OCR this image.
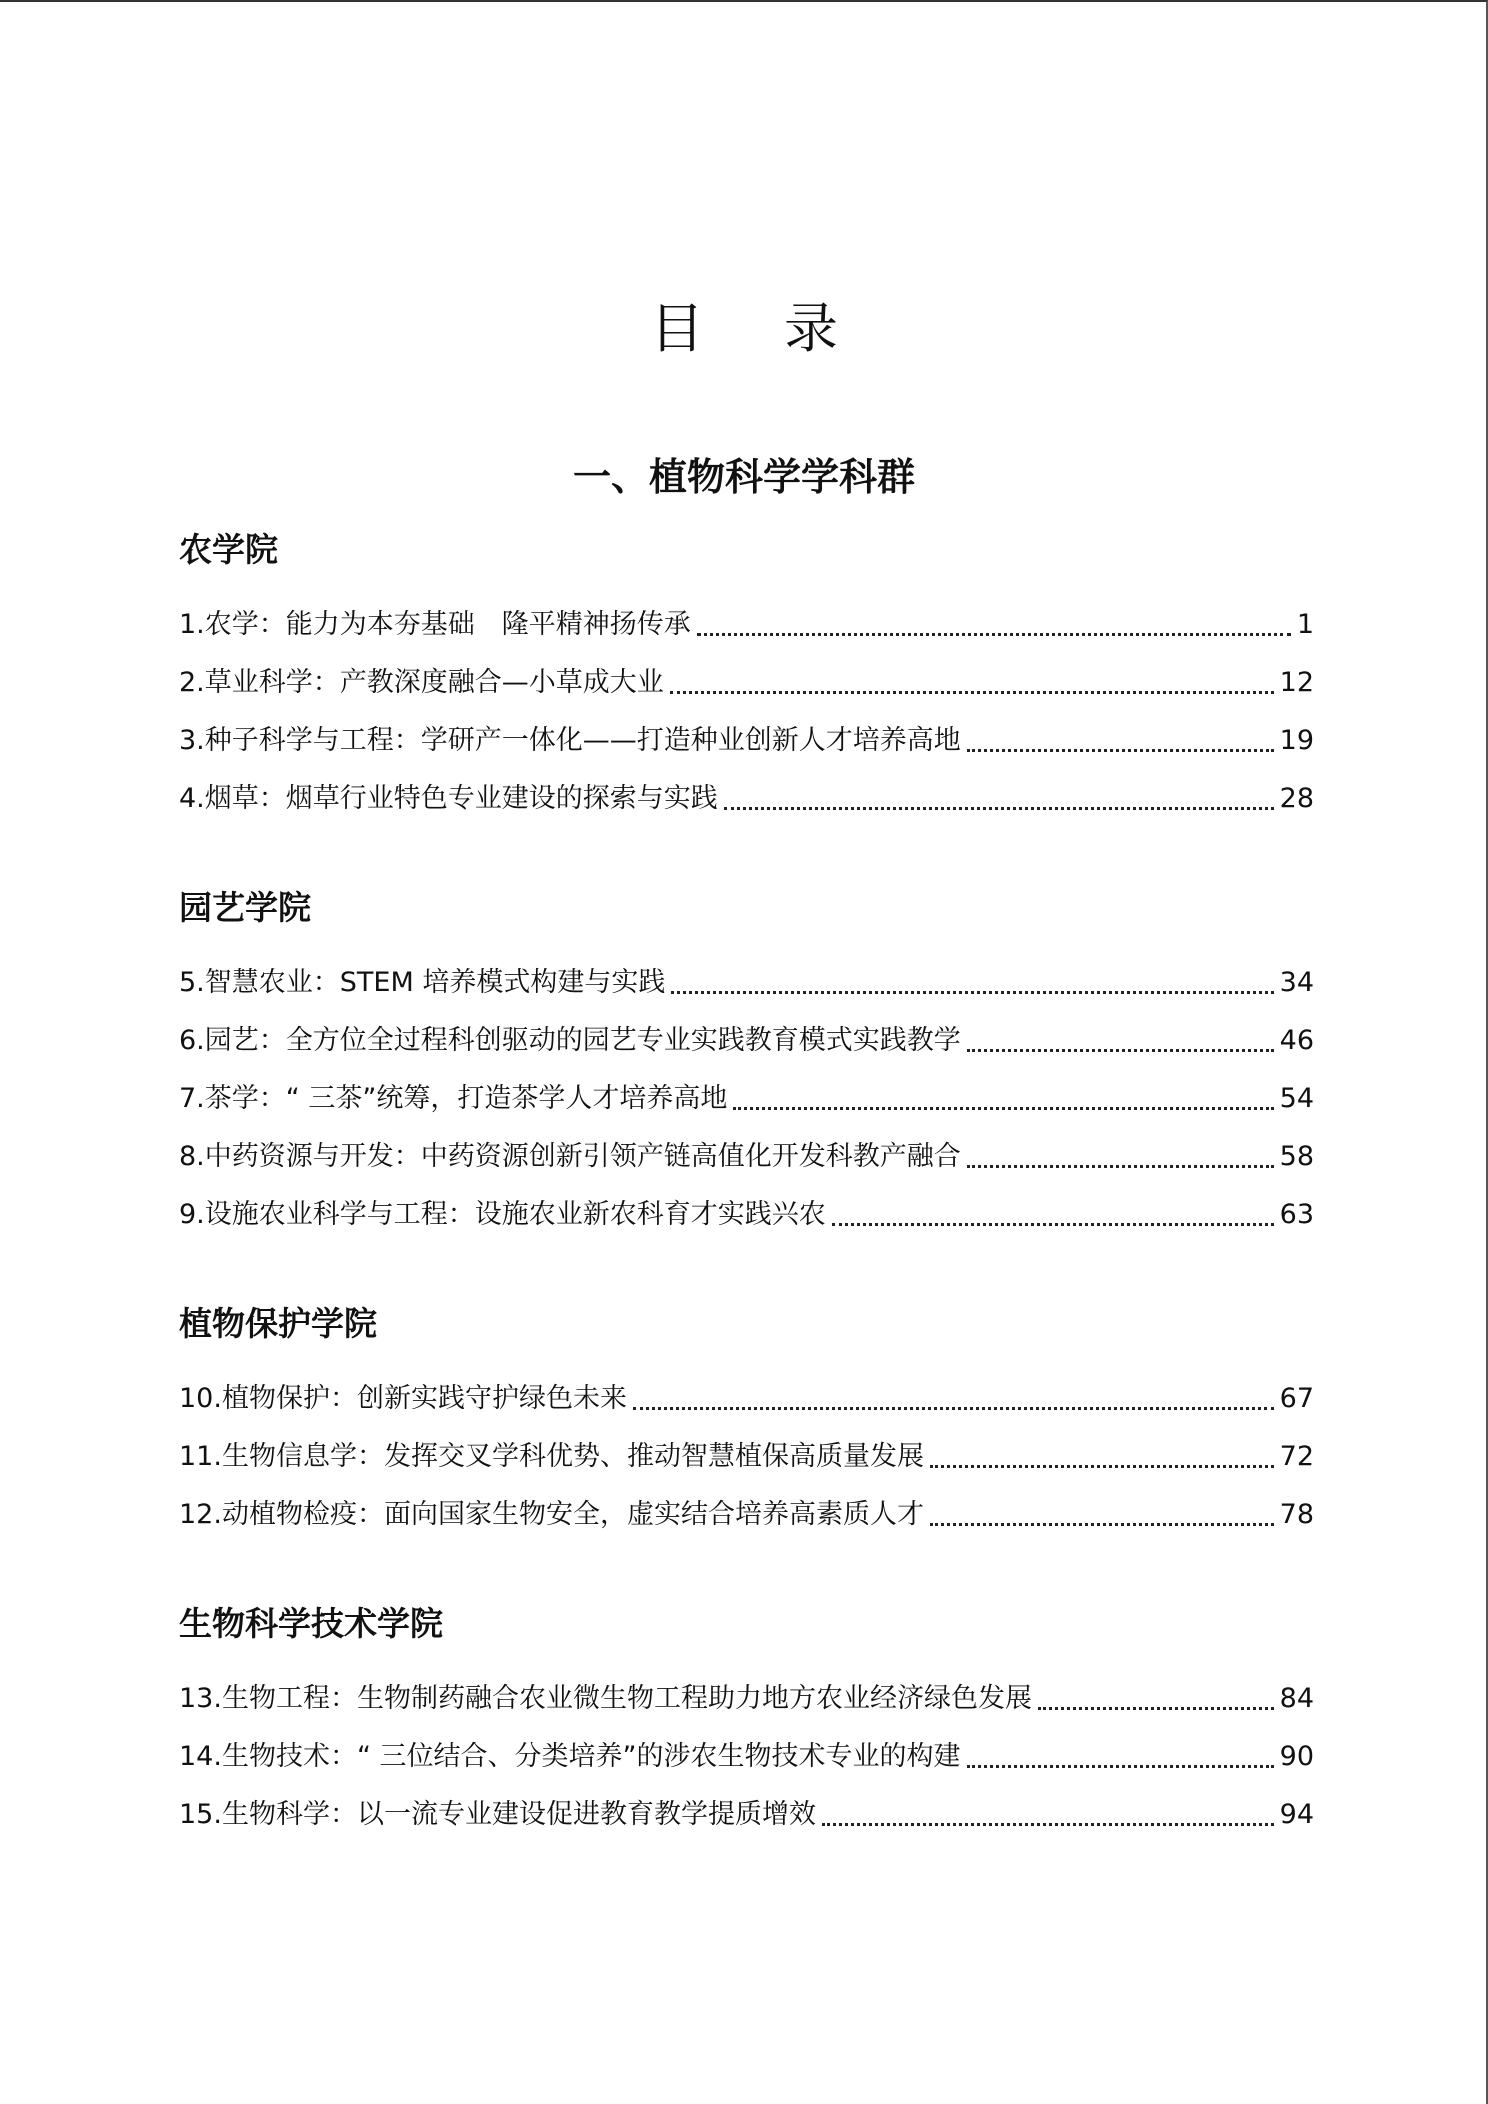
目 录
一、植物科学学科群
农学院
1. 农学：能力为本夯基础　隆平精神扬传承	1
2. 草业科学：产教深度融合—小草成大业	12
3. 种子科学与工程：学研产一体化——打造种业创新人才培养高地	19
4. 烟草：烟草行业特色专业建设的探索与实践	28
园艺学院
5. 智慧农业：STEM 培养模式构建与实践	34
6. 园艺：全方位全过程科创驱动的园艺专业实践教育模式实践教学	46
7. 茶学：“ 三茶”统筹，打造茶学人才培养高地	54
8. 中药资源与开发：中药资源创新引领产链高值化开发科教产融合	58
9. 设施农业科学与工程：设施农业新农科育才实践兴农	63
植物保护学院
10. 植物保护：创新实践守护绿色未来	67
11. 生物信息学：发挥交叉学科优势、推动智慧植保高质量发展	72
12. 动植物检疫：面向国家生物安全，虚实结合培养高素质人才	78
生物科学技术学院
13. 生物工程：生物制药融合农业微生物工程助力地方农业经济绿色发展	84
14. 生物技术：“ 三位结合、分类培养”的涉农生物技术专业的构建	90
15. 生物科学：以一流专业建设促进教育教学提质增效	94
